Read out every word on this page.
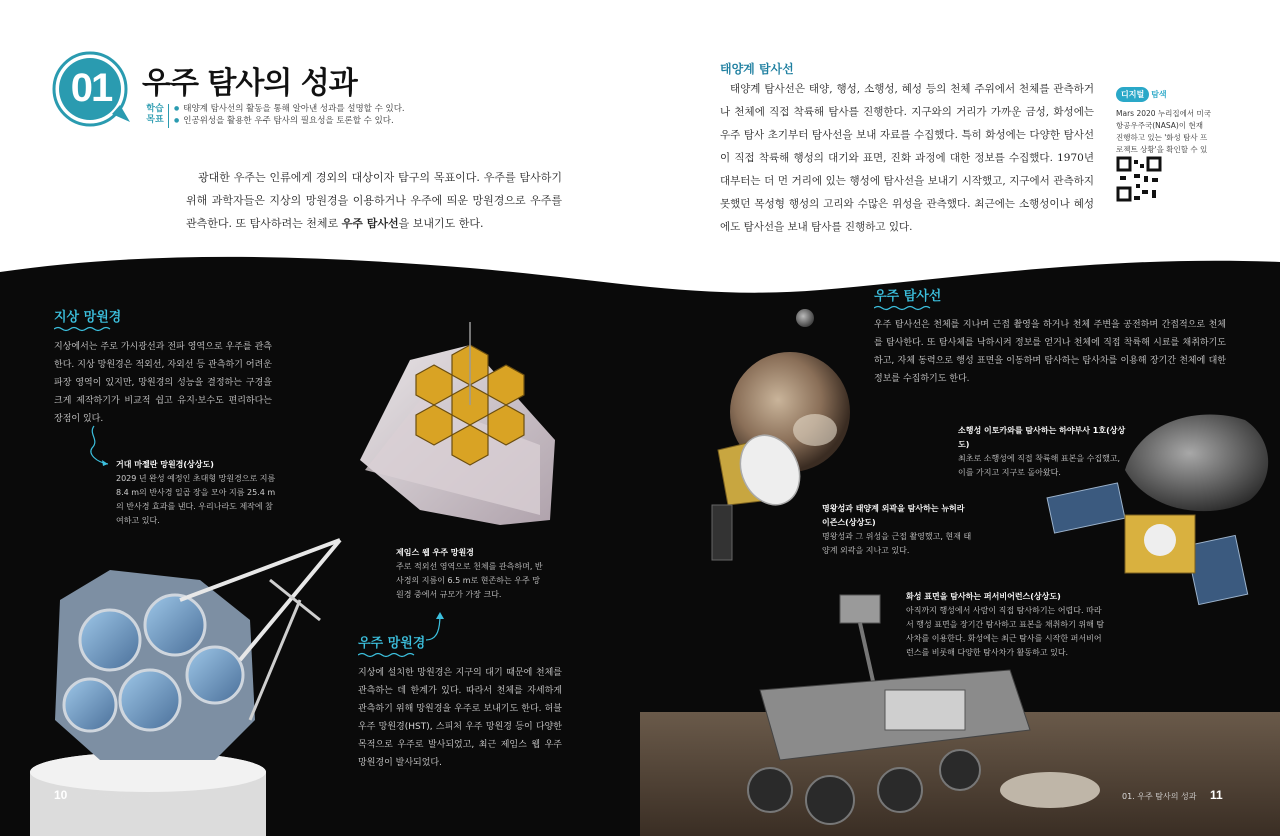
01	우주 탐사의 성과
학습 목표
● 태양계 탐사선의 활동을 통해 알아낸 성과를 설명할 수 있다.
● 인공위성을 활용한 우주 탐사의 필요성을 토론할 수 있다.

광대한 우주는 인류에게 경외의 대상이자 탐구의 목표이다. 우주를 탐사하기 위해 과학자들은 지상의 망원경을 이용하거나 우주에 띄운 망원경으로 우주를 관측한다. 또 탐사하려는 천체로 우주 탐사선을 보내기도 한다.

태양계 탐사선

태양계 탐사선은 태양, 행성, 소행성, 혜성 등의 천체 주위에서 천체를 관측하거나 천체에 직접 착륙해 탐사를 진행한다. 지구와의 거리가 가까운 금성, 화성에는 우주 탐사 초기부터 탐사선을 보내 자료를 수집했다. 특히 화성에는 다양한 탐사선이 직접 착륙해 행성의 대기와 표면, 진화 과정에 대한 정보를 수집했다. 1970년대부터는 더 먼 거리에 있는 행성에 탐사선을 보내기 시작했고, 지구에서 관측하지 못했던 목성형 행성의 고리와 수많은 위성을 관측했다. 최근에는 소행성이나 혜성에도 탐사선을 보내 탐사를 진행하고 있다.

디지털 탐색
Mars 2020 누리집에서 미국 항공우주국(NASA)이 현재 진행하고 있는 '화성 탐사 프로젝트 상황'을 확인할 수 있
지상 망원경

지상에서는 주로 가시광선과 전파 영역으로 우주를 관측한다. 지상 망원경은 적외선, 자외선 등 관측하기 어려운 파장 영역이 있지만, 망원경의 성능을 결정하는 구경을 크게 제작하기가 비교적 쉽고 유지·보수도 편리하다는 장점이 있다.

거대 마젤란 망원경(상상도)
2029 년 완성 예정인 초대형 망원경으로 지름 8.4 m의 반사경 일곱 장을 모아 지름 25.4 m의 반사경 효과를 낸다. 우리나라도 제작에 참여하고 있다.
제임스 웹 우주 망원경
주로 적외선 영역으로 천체를 관측하며, 반사경의 지름이 6.5 m로 현존하는 우주 망원경 중에서 규모가 가장 크다.
우주 망원경

지상에 설치한 망원경은 지구의 대기 때문에 천체를 관측하는 데 한계가 있다. 따라서 천체를 자세하게 관측하기 위해 망원경을 우주로 보내기도 한다. 허블 우주 망원경(HST), 스피처 우주 망원경 등이 다양한 목적으로 우주로 발사되었고, 최근 제임스 웹 우주 망원경이 발사되었다.

우주 탐사선

우주 탐사선은 천체를 지나며 근접 촬영을 하거나 천체 주변을 공전하며 간접적으로 천체를 탐사한다. 또 탐사체를 낙하시켜 정보를 얻거나 천체에 직접 착륙해 시료를 채취하기도 하고, 자체 동력으로 행성 표면을 이동하며 탐사하는 탐사차를 이용해 장기간 천체에 대한 정보를 수집하기도 한다.

소행성 이토카와를 탐사하는 하야부사 1호(상상도)
최초로 소행성에 직접 착륙해 표본을 수집했고, 이를 가지고 지구로 돌아왔다.
명왕성과 태양계 외곽을 탐사하는 뉴허라이즌스(상상도)
명왕성과 그 위성을 근접 촬영했고, 현재 태양계 외곽을 지나고 있다.
화성 표면을 탐사하는 퍼서비어런스(상상도)
아직까지 행성에서 사람이 직접 탐사하기는 어렵다. 따라서 행성 표면을 장기간 탐사하고 표본을 채취하기 위해 탐사차를 이용한다. 화성에는 최근 탐사를 시작한 퍼서비어런스를 비롯해 다양한 탐사차가 활동하고 있다.
10 I. 우주 탐사와 행성계	01. 우주 탐사의 성과 11
